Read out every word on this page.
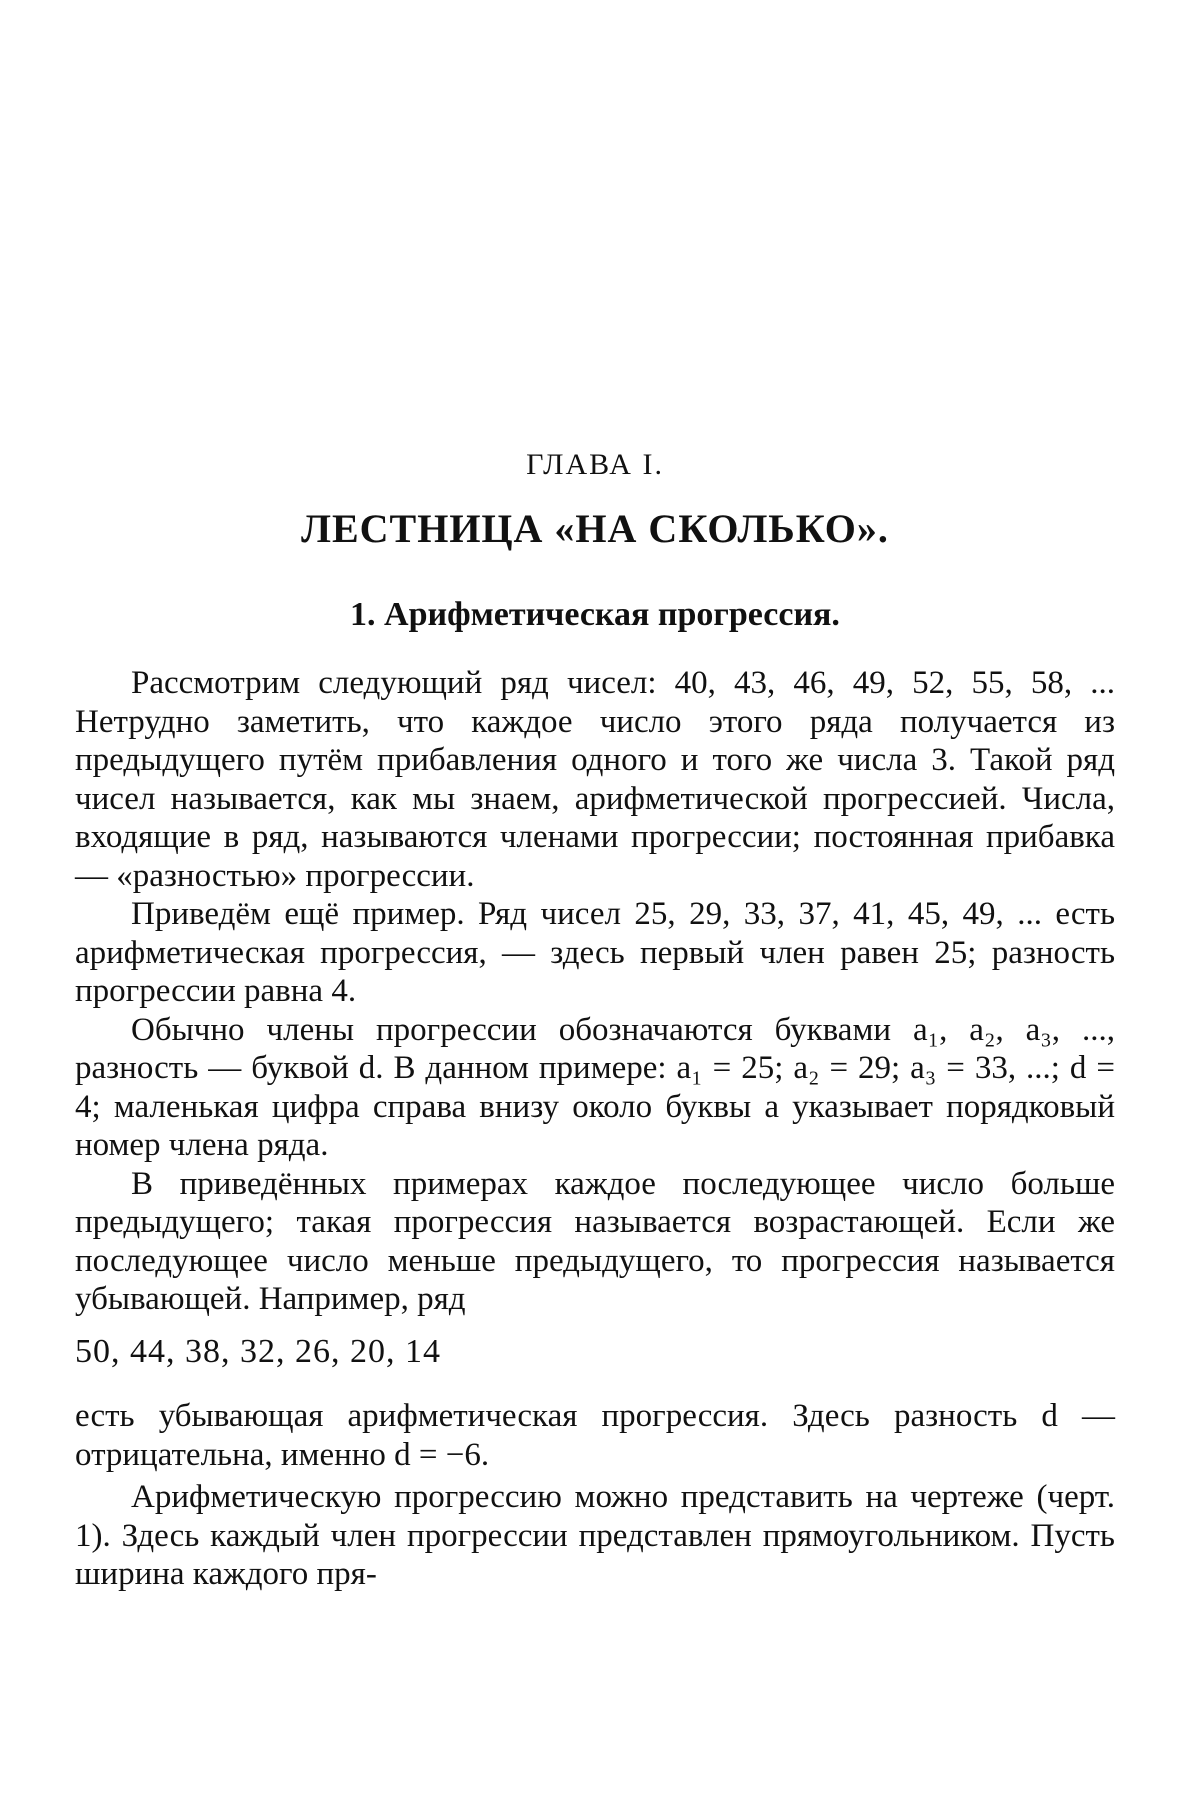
ГЛАВА I.
ЛЕСТНИЦА «НА СКОЛЬКО».
1. Арифметическая прогрессия.

Рассмотрим следующий ряд чисел: 40, 43, 46, 49, 52, 55, 58, ... Нетрудно заметить, что каждое число этого ряда получается из предыдущего путём прибавления одного и того же числа 3. Такой ряд чисел называется, как мы знаем, арифметической прогрессией. Числа, входящие в ряд, называются членами прогрессии; постоянная прибавка — «разностью» прогрессии.

Приведём ещё пример. Ряд чисел 25, 29, 33, 37, 41, 45, 49, ... есть арифметическая прогрессия, — здесь первый член равен 25; разность прогрессии равна 4.

Обычно члены прогрессии обозначаются буквами a₁, a₂, a₃, ..., разность — буквой d. В данном примере: a₁ = 25; a₂ = 29; a₃ = 33, ...; d = 4; маленькая цифра справа внизу около буквы a указывает порядковый номер члена ряда.

В приведённых примерах каждое последующее число больше предыдущего; такая прогрессия называется возрастающей. Если же последующее число меньше предыдущего, то прогрессия называется убывающей. Например, ряд

50, 44, 38, 32, 26, 20, 14

есть убывающая арифметическая прогрессия. Здесь разность d — отрицательна, именно d = −6.

Арифметическую прогрессию можно представить на чертеже (черт. 1). Здесь каждый член прогрессии представлен прямоугольником. Пусть ширина каждого пря-
